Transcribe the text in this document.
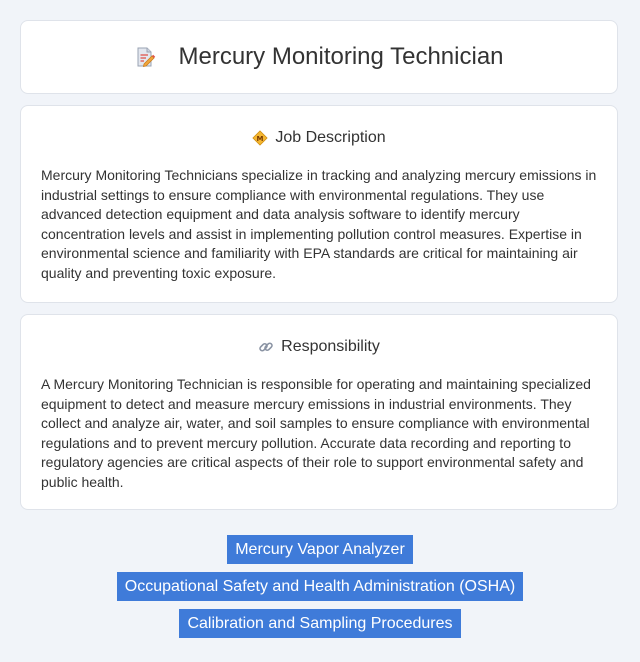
Mercury Monitoring Technician
M Job Description
Mercury Monitoring Technicians specialize in tracking and analyzing mercury emissions in industrial settings to ensure compliance with environmental regulations. They use advanced detection equipment and data analysis software to identify mercury concentration levels and assist in implementing pollution control measures. Expertise in environmental science and familiarity with EPA standards are critical for maintaining air quality and preventing toxic exposure.
Responsibility
A Mercury Monitoring Technician is responsible for operating and maintaining specialized equipment to detect and measure mercury emissions in industrial environments. They collect and analyze air, water, and soil samples to ensure compliance with environmental regulations and to prevent mercury pollution. Accurate data recording and reporting to regulatory agencies are critical aspects of their role to support environmental safety and public health.
Mercury Vapor Analyzer
Occupational Safety and Health Administration (OSHA)
Calibration and Sampling Procedures
